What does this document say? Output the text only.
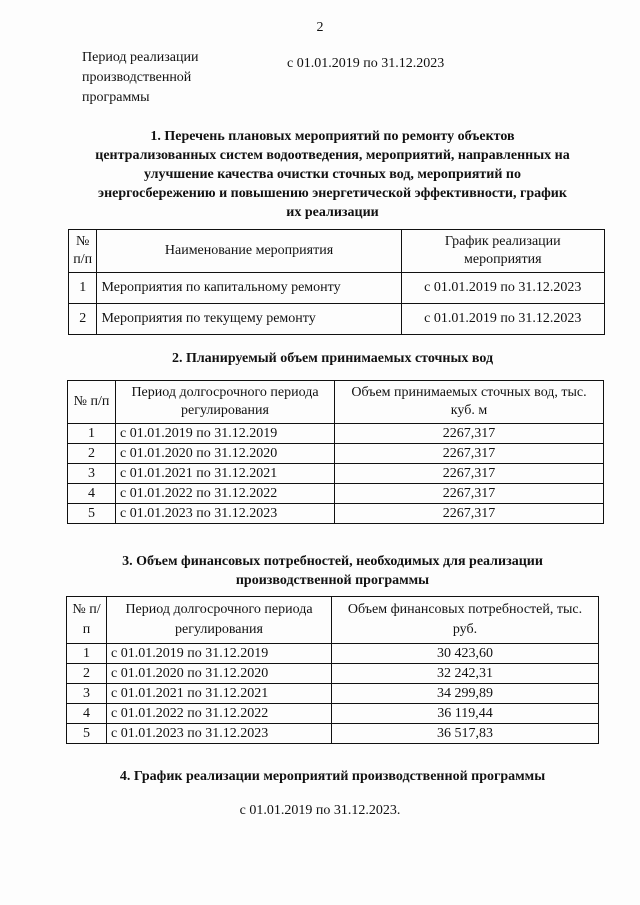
2
Период реализации производственной программы
с 01.01.2019 по 31.12.2023
1. Перечень плановых мероприятий по ремонту объектов централизованных систем водоотведения, мероприятий, направленных на улучшение качества очистки сточных вод, мероприятий по энергосбережению и повышению энергетической эффективности, график их реализации
№ п/п	Наименование мероприятия	График реализации мероприятия
1	Мероприятия по капитальному ремонту	с 01.01.2019 по 31.12.2023
2	Мероприятия по текущему ремонту	с 01.01.2019 по 31.12.2023
2. Планируемый объем принимаемых сточных вод
№ п/п	Период долгосрочного периода регулирования	Объем принимаемых сточных вод, тыс. куб. м
1	с 01.01.2019 по 31.12.2019	2267,317
2	с 01.01.2020 по 31.12.2020	2267,317
3	с 01.01.2021 по 31.12.2021	2267,317
4	с 01.01.2022 по 31.12.2022	2267,317
5	с 01.01.2023 по 31.12.2023	2267,317
3. Объем финансовых потребностей, необходимых для реализации производственной программы
№ п/п	Период долгосрочного периода регулирования	Объем финансовых потребностей, тыс. руб.
1	с 01.01.2019 по 31.12.2019	30 423,60
2	с 01.01.2020 по 31.12.2020	32 242,31
3	с 01.01.2021 по 31.12.2021	34 299,89
4	с 01.01.2022 по 31.12.2022	36 119,44
5	с 01.01.2023 по 31.12.2023	36 517,83
4. График реализации мероприятий производственной программы
с 01.01.2019 по 31.12.2023.
